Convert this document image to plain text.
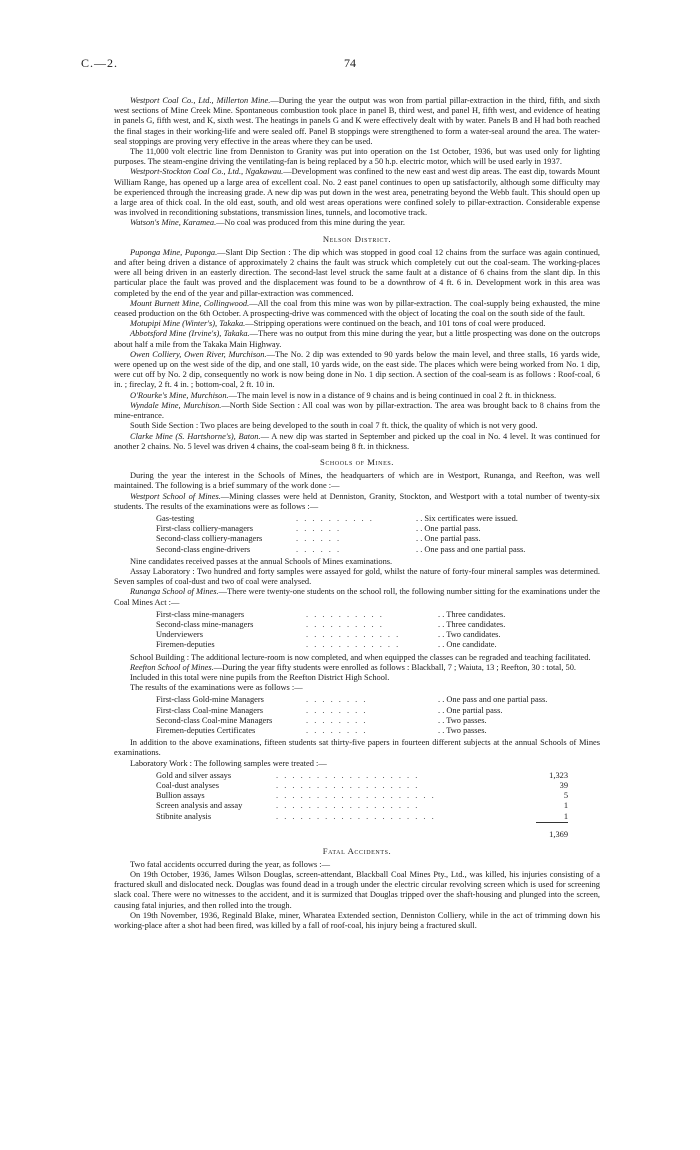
C.—2.	74

Westport Coal Co., Ltd., Millerton Mine.—During the year the output was won from partial pillar-extraction in the third, fifth, and sixth west sections of Mine Creek Mine. Spontaneous combustion took place in panel B, third west, and panel H, fifth west, and evidence of heating in panels G, fifth west, and K, sixth west. The heatings in panels G and K were effectively dealt with by water. Panels B and H had both reached the final stages in their working-life and were sealed off. Panel B stoppings were strengthened to form a water-seal around the area. The water-seal stoppings are proving very effective in the areas where they can be used.

The 11,000 volt electric line from Denniston to Granity was put into operation on the 1st October, 1936, but was used only for lighting purposes. The steam-engine driving the ventilating-fan is being replaced by a 50 h.p. electric motor, which will be used early in 1937.

Westport-Stockton Coal Co., Ltd., Ngakawau.—Development was confined to the new east and west dip areas. The east dip, towards Mount William Range, has opened up a large area of excellent coal. No. 2 east panel continues to open up satisfactorily, although some difficulty may be experienced through the increasing grade. A new dip was put down in the west area, penetrating beyond the Webb fault. This should open up a large area of thick coal. In the old east, south, and old west areas operations were confined solely to pillar-extraction. Considerable expense was involved in reconditioning substations, transmission lines, tunnels, and locomotive track.

Watson's Mine, Karamea.—No coal was produced from this mine during the year.

Nelson District.

Puponga Mine, Puponga.—Slant Dip Section : The dip which was stopped in good coal 12 chains from the surface was again continued, and after being driven a distance of approximately 2 chains the fault was struck which completely cut out the coal-seam. The working-places were all being driven in an easterly direction. The second-last level struck the same fault at a distance of 6 chains from the slant dip. In this particular place the fault was proved and the displacement was found to be a downthrow of 4 ft. 6 in. Development work in this area was completed by the end of the year and pillar-extraction was commenced.

Mount Burnett Mine, Collingwood.—All the coal from this mine was won by pillar-extraction. The coal-supply being exhausted, the mine ceased production on the 6th October. A prospecting-drive was commenced with the object of locating the coal on the south side of the fault.

Motupipi Mine (Winter's), Takaka.—Stripping operations were continued on the beach, and 101 tons of coal were produced.

Abbotsford Mine (Irvine's), Takaka.—There was no output from this mine during the year, but a little prospecting was done on the outcrops about half a mile from the Takaka Main Highway.

Owen Colliery, Owen River, Murchison.—The No. 2 dip was extended to 90 yards below the main level, and three stalls, 16 yards wide, were opened up on the west side of the dip, and one stall, 10 yards wide, on the east side. The places which were being worked from No. 1 dip, were cut off by No. 2 dip, consequently no work is now being done in No. 1 dip section. A section of the coal-seam is as follows : Roof-coal, 6 in. ; fireclay, 2 ft. 4 in. ; bottom-coal, 2 ft. 10 in.

O'Rourke's Mine, Murchison.—The main level is now in a distance of 9 chains and is being continued in coal 2 ft. in thickness.

Wyndale Mine, Murchison.—North Side Section : All coal was won by pillar-extraction. The area was brought back to 8 chains from the mine-entrance.

South Side Section : Two places are being developed to the south in coal 7 ft. thick, the quality of which is not very good.

Clarke Mine (S. Hartshorne's), Baton.— A new dip was started in September and picked up the coal in No. 4 level. It was continued for another 2 chains. No. 5 level was driven 4 chains, the coal-seam being 8 ft. in thickness.

Schools of Mines.

During the year the interest in the Schools of Mines, the headquarters of which are in Westport, Runanga, and Reefton, was well maintained. The following is a brief summary of the work done :—

Westport School of Mines.—Mining classes were held at Denniston, Granity, Stockton, and Westport with a total number of twenty-six students. The results of the examinations were as follows :—

Gas-testing	. . . . . . . . . .	. . Six certificates were issued.
First-class colliery-managers	. . . . . .	. . One partial pass.
Second-class colliery-managers	. . . . . .	. . One partial pass.
Second-class engine-drivers	. . . . . .	. . One pass and one partial pass.

Nine candidates received passes at the annual Schools of Mines examinations.

Assay Laboratory : Two hundred and forty samples were assayed for gold, whilst the nature of forty-four mineral samples was determined. Seven samples of coal-dust and two of coal were analysed.

Runanga School of Mines.—There were twenty-one students on the school roll, the following number sitting for the examinations under the Coal Mines Act :—

First-class mine-managers	. . . . . . . . . .	. . Three candidates.
Second-class mine-managers	. . . . . . . . . .	. . Three candidates.
Underviewers	. . . . . . . . . . . .	. . Two candidates.
Firemen-deputies	. . . . . . . . . . . .	. . One candidate.

School Building : The additional lecture-room is now completed, and when equipped the classes can be regraded and teaching facilitated.

Reefton School of Mines.—During the year fifty students were enrolled as follows : Blackball, 7 ; Waiuta, 13 ; Reefton, 30 : total, 50.

Included in this total were nine pupils from the Reefton District High School.

The results of the examinations were as follows :—

First-class Gold-mine Managers	. . . . . . . .	. . One pass and one partial pass.
First-class Coal-mine Managers	. . . . . . . .	. . One partial pass.
Second-class Coal-mine Managers	. . . . . . . .	. . Two passes.
Firemen-deputies Certificates	. . . . . . . .	. . Two passes.

In addition to the above examinations, fifteen students sat thirty-five papers in fourteen different subjects at the annual Schools of Mines examinations.

Laboratory Work : The following samples were treated :—

Gold and silver assays	. . . . . . . . . . . . . . . . . .	1,323
Coal-dust analyses	. . . . . . . . . . . . . . . . . .	39
Bullion assays	. . . . . . . . . . . . . . . . . . . .	5
Screen analysis and assay	. . . . . . . . . . . . . . . . . .	1
Stibnite analysis	. . . . . . . . . . . . . . . . . . . .	1

		1,369
Fatal Accidents.

Two fatal accidents occurred during the year, as follows :—

On 19th October, 1936, James Wilson Douglas, screen-attendant, Blackball Coal Mines Pty., Ltd., was killed, his injuries consisting of a fractured skull and dislocated neck. Douglas was found dead in a trough under the electric circular revolving screen which is used for screening slack coal. There were no witnesses to the accident, and it is surmized that Douglas tripped over the shaft-housing and plunged into the screen, causing fatal injuries, and then rolled into the trough.

On 19th November, 1936, Reginald Blake, miner, Wharatea Extended section, Denniston Colliery, while in the act of trimming down his working-place after a shot had been fired, was killed by a fall of roof-coal, his injury being a fractured skull.
